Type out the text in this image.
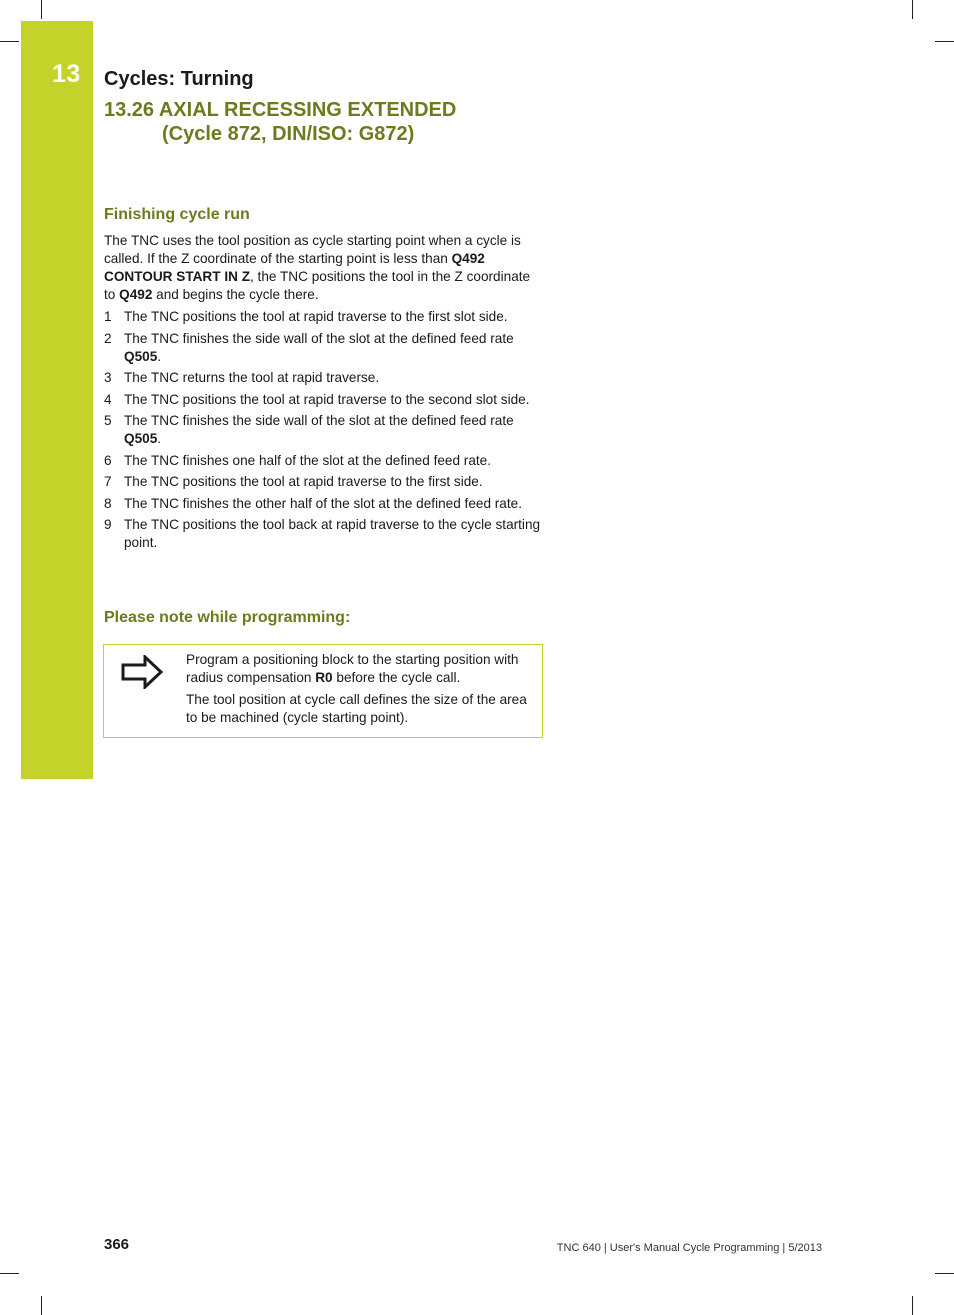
13 Cycles: Turning
13.26 AXIAL RECESSING EXTENDED
(Cycle 872, DIN/ISO: G872)
Finishing cycle run
The TNC uses the tool position as cycle starting point when a cycle is called. If the Z coordinate of the starting point is less than Q492 CONTOUR START IN Z, the TNC positions the tool in the Z coordinate to Q492 and begins the cycle there.
1 The TNC positions the tool at rapid traverse to the first slot side.
2 The TNC finishes the side wall of the slot at the defined feed rate Q505.
3 The TNC returns the tool at rapid traverse.
4 The TNC positions the tool at rapid traverse to the second slot side.
5 The TNC finishes the side wall of the slot at the defined feed rate Q505.
6 The TNC finishes one half of the slot at the defined feed rate.
7 The TNC positions the tool at rapid traverse to the first side.
8 The TNC finishes the other half of the slot at the defined feed rate.
9 The TNC positions the tool back at rapid traverse to the cycle starting point.
Please note while programming:

Program a positioning block to the starting position with radius compensation R0 before the cycle call.

The tool position at cycle call defines the size of the area to be machined (cycle starting point).

366	TNC 640 | User's Manual Cycle Programming | 5/2013
